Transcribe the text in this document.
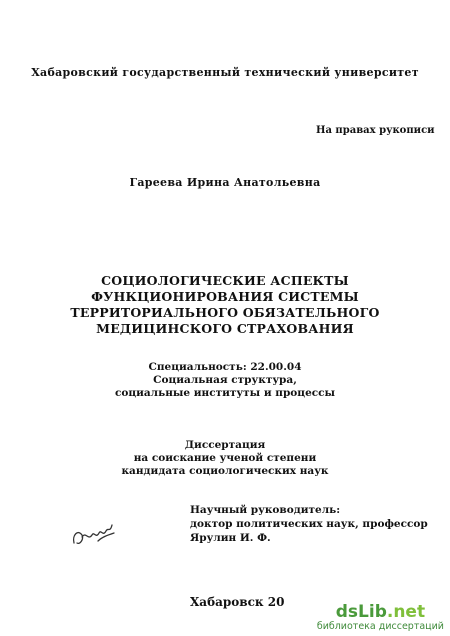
Хабаровский государственный технический университет
На правах рукописи
Гареева Ирина Анатольевна
СОЦИОЛОГИЧЕСКИЕ АСПЕКТЫ
ФУНКЦИОНИРОВАНИЯ СИСТЕМЫ
ТЕРРИТОРИАЛЬНОГО ОБЯЗАТЕЛЬНОГО
МЕДИЦИНСКОГО СТРАХОВАНИЯ
Специальность: 22.00.04
Социальная структура,
социальные институты и процессы
Диссертация
на соискание ученой степени
кандидата социологических наук
Научный руководитель:
доктор политических наук, профессор
Ярулин И. Ф.
Хабаровск 20	dsLib.net
библиотека диссертаций
